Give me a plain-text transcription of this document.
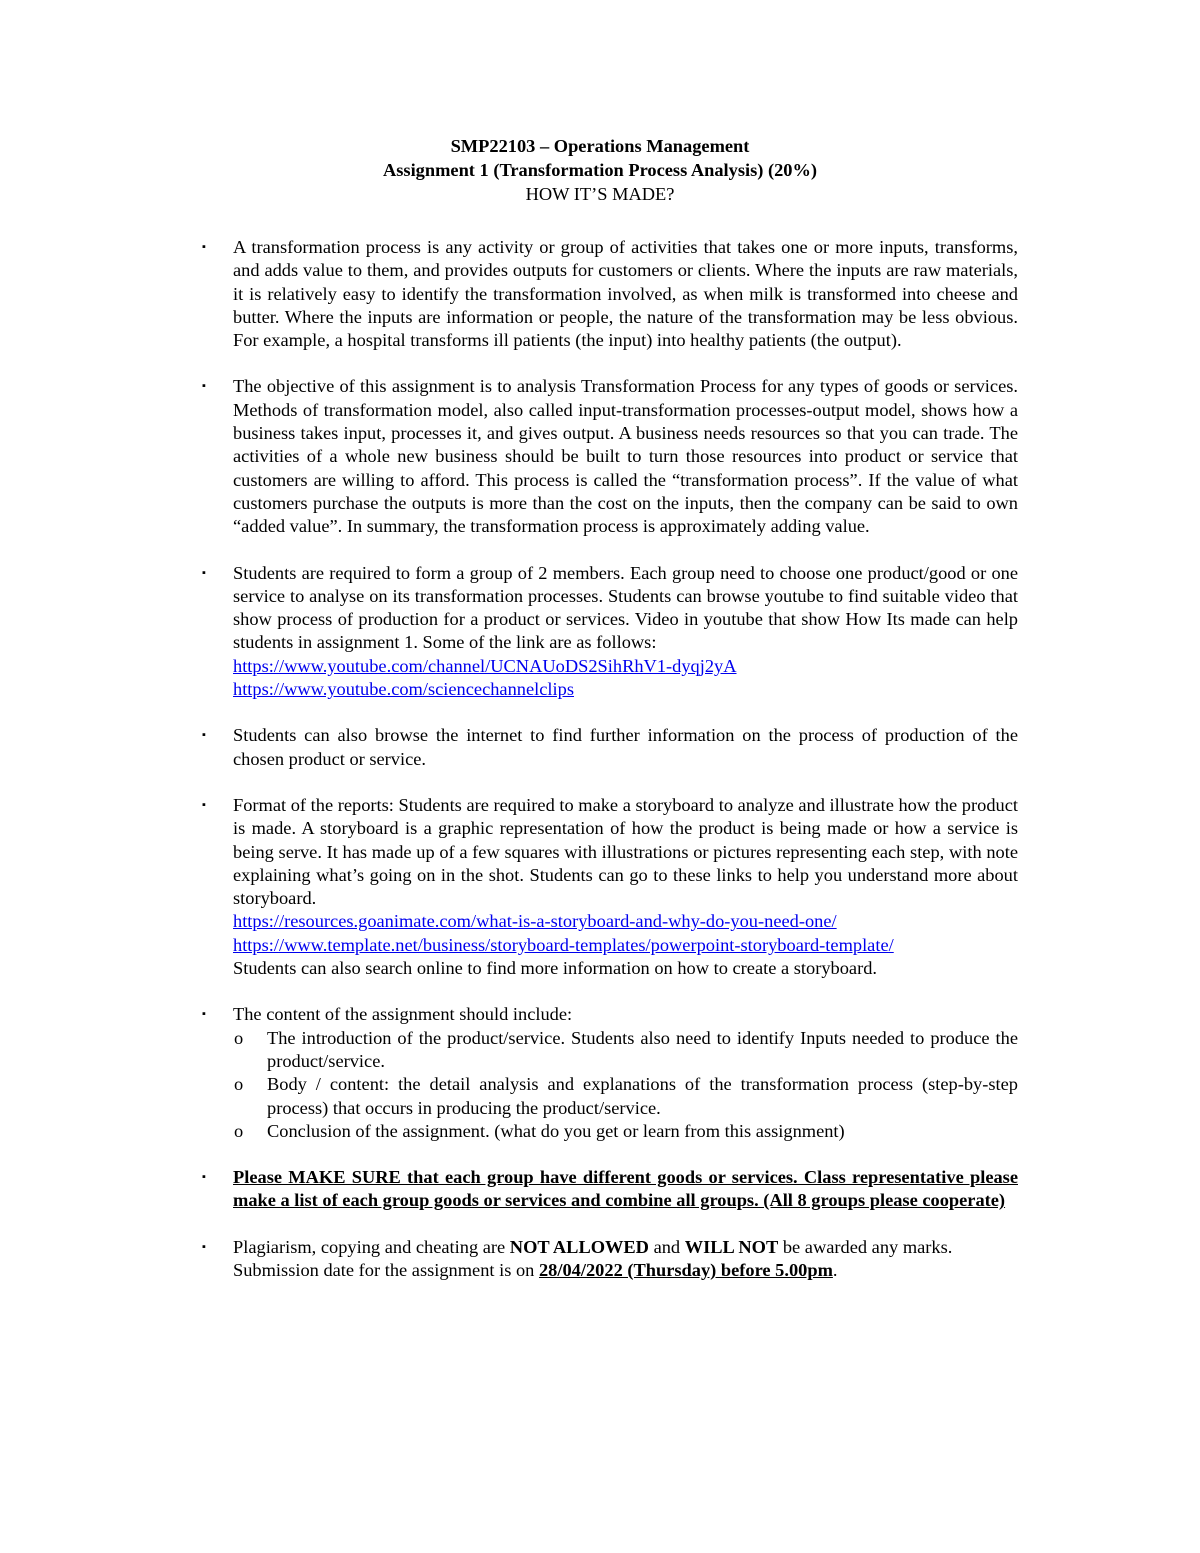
SMP22103 – Operations Management
Assignment 1 (Transformation Process Analysis) (20%)
HOW IT’S MADE?
▪ A transformation process is any activity or group of activities that takes one or more inputs, transforms, and adds value to them, and provides outputs for customers or clients. Where the inputs are raw materials, it is relatively easy to identify the transformation involved, as when milk is transformed into cheese and butter. Where the inputs are information or people, the nature of the transformation may be less obvious. For example, a hospital transforms ill patients (the input) into healthy patients (the output).

▪ The objective of this assignment is to analysis Transformation Process for any types of goods or services. Methods of transformation model, also called input-transformation processes-output model, shows how a business takes input, processes it, and gives output. A business needs resources so that you can trade. The activities of a whole new business should be built to turn those resources into product or service that customers are willing to afford. This process is called the “transformation process”. If the value of what customers purchase the outputs is more than the cost on the inputs, then the company can be said to own “added value”. In summary, the transformation process is approximately adding value.

▪ Students are required to form a group of 2 members. Each group need to choose one product/good or one service to analyse on its transformation processes. Students can browse youtube to find suitable video that show process of production for a product or services. Video in youtube that show How Its made can help students in assignment 1. Some of the link are as follows:

https://www.youtube.com/channel/UCNAUoDS2SihRhV1-dyqj2yA
https://www.youtube.com/sciencechannelclips
▪ Students can also browse the internet to find further information on the process of production of the chosen product or service.

▪ Format of the reports: Students are required to make a storyboard to analyze and illustrate how the product is made. A storyboard is a graphic representation of how the product is being made or how a service is being serve. It has made up of a few squares with illustrations or pictures representing each step, with note explaining what’s going on in the shot. Students can go to these links to help you understand more about storyboard.

https://resources.goanimate.com/what-is-a-storyboard-and-why-do-you-need-one/
https://www.template.net/business/storyboard-templates/powerpoint-storyboard-template/
Students can also search online to find more information on how to create a storyboard.
▪ The content of the assignment should include:

o The introduction of the product/service. Students also need to identify Inputs needed to produce the product/service.
o Body / content: the detail analysis and explanations of the transformation process (step-by-step process) that occurs in producing the product/service.
o Conclusion of the assignment. (what do you get or learn from this assignment)
▪ Please MAKE SURE that each group have different goods or services. Class representative please make a list of each group goods or services and combine all groups. (All 8 groups please cooperate)

▪ Plagiarism, copying and cheating are NOT ALLOWED and WILL NOT be awarded any marks.
Submission date for the assignment is on 28/04/2022 (Thursday) before 5.00pm.
